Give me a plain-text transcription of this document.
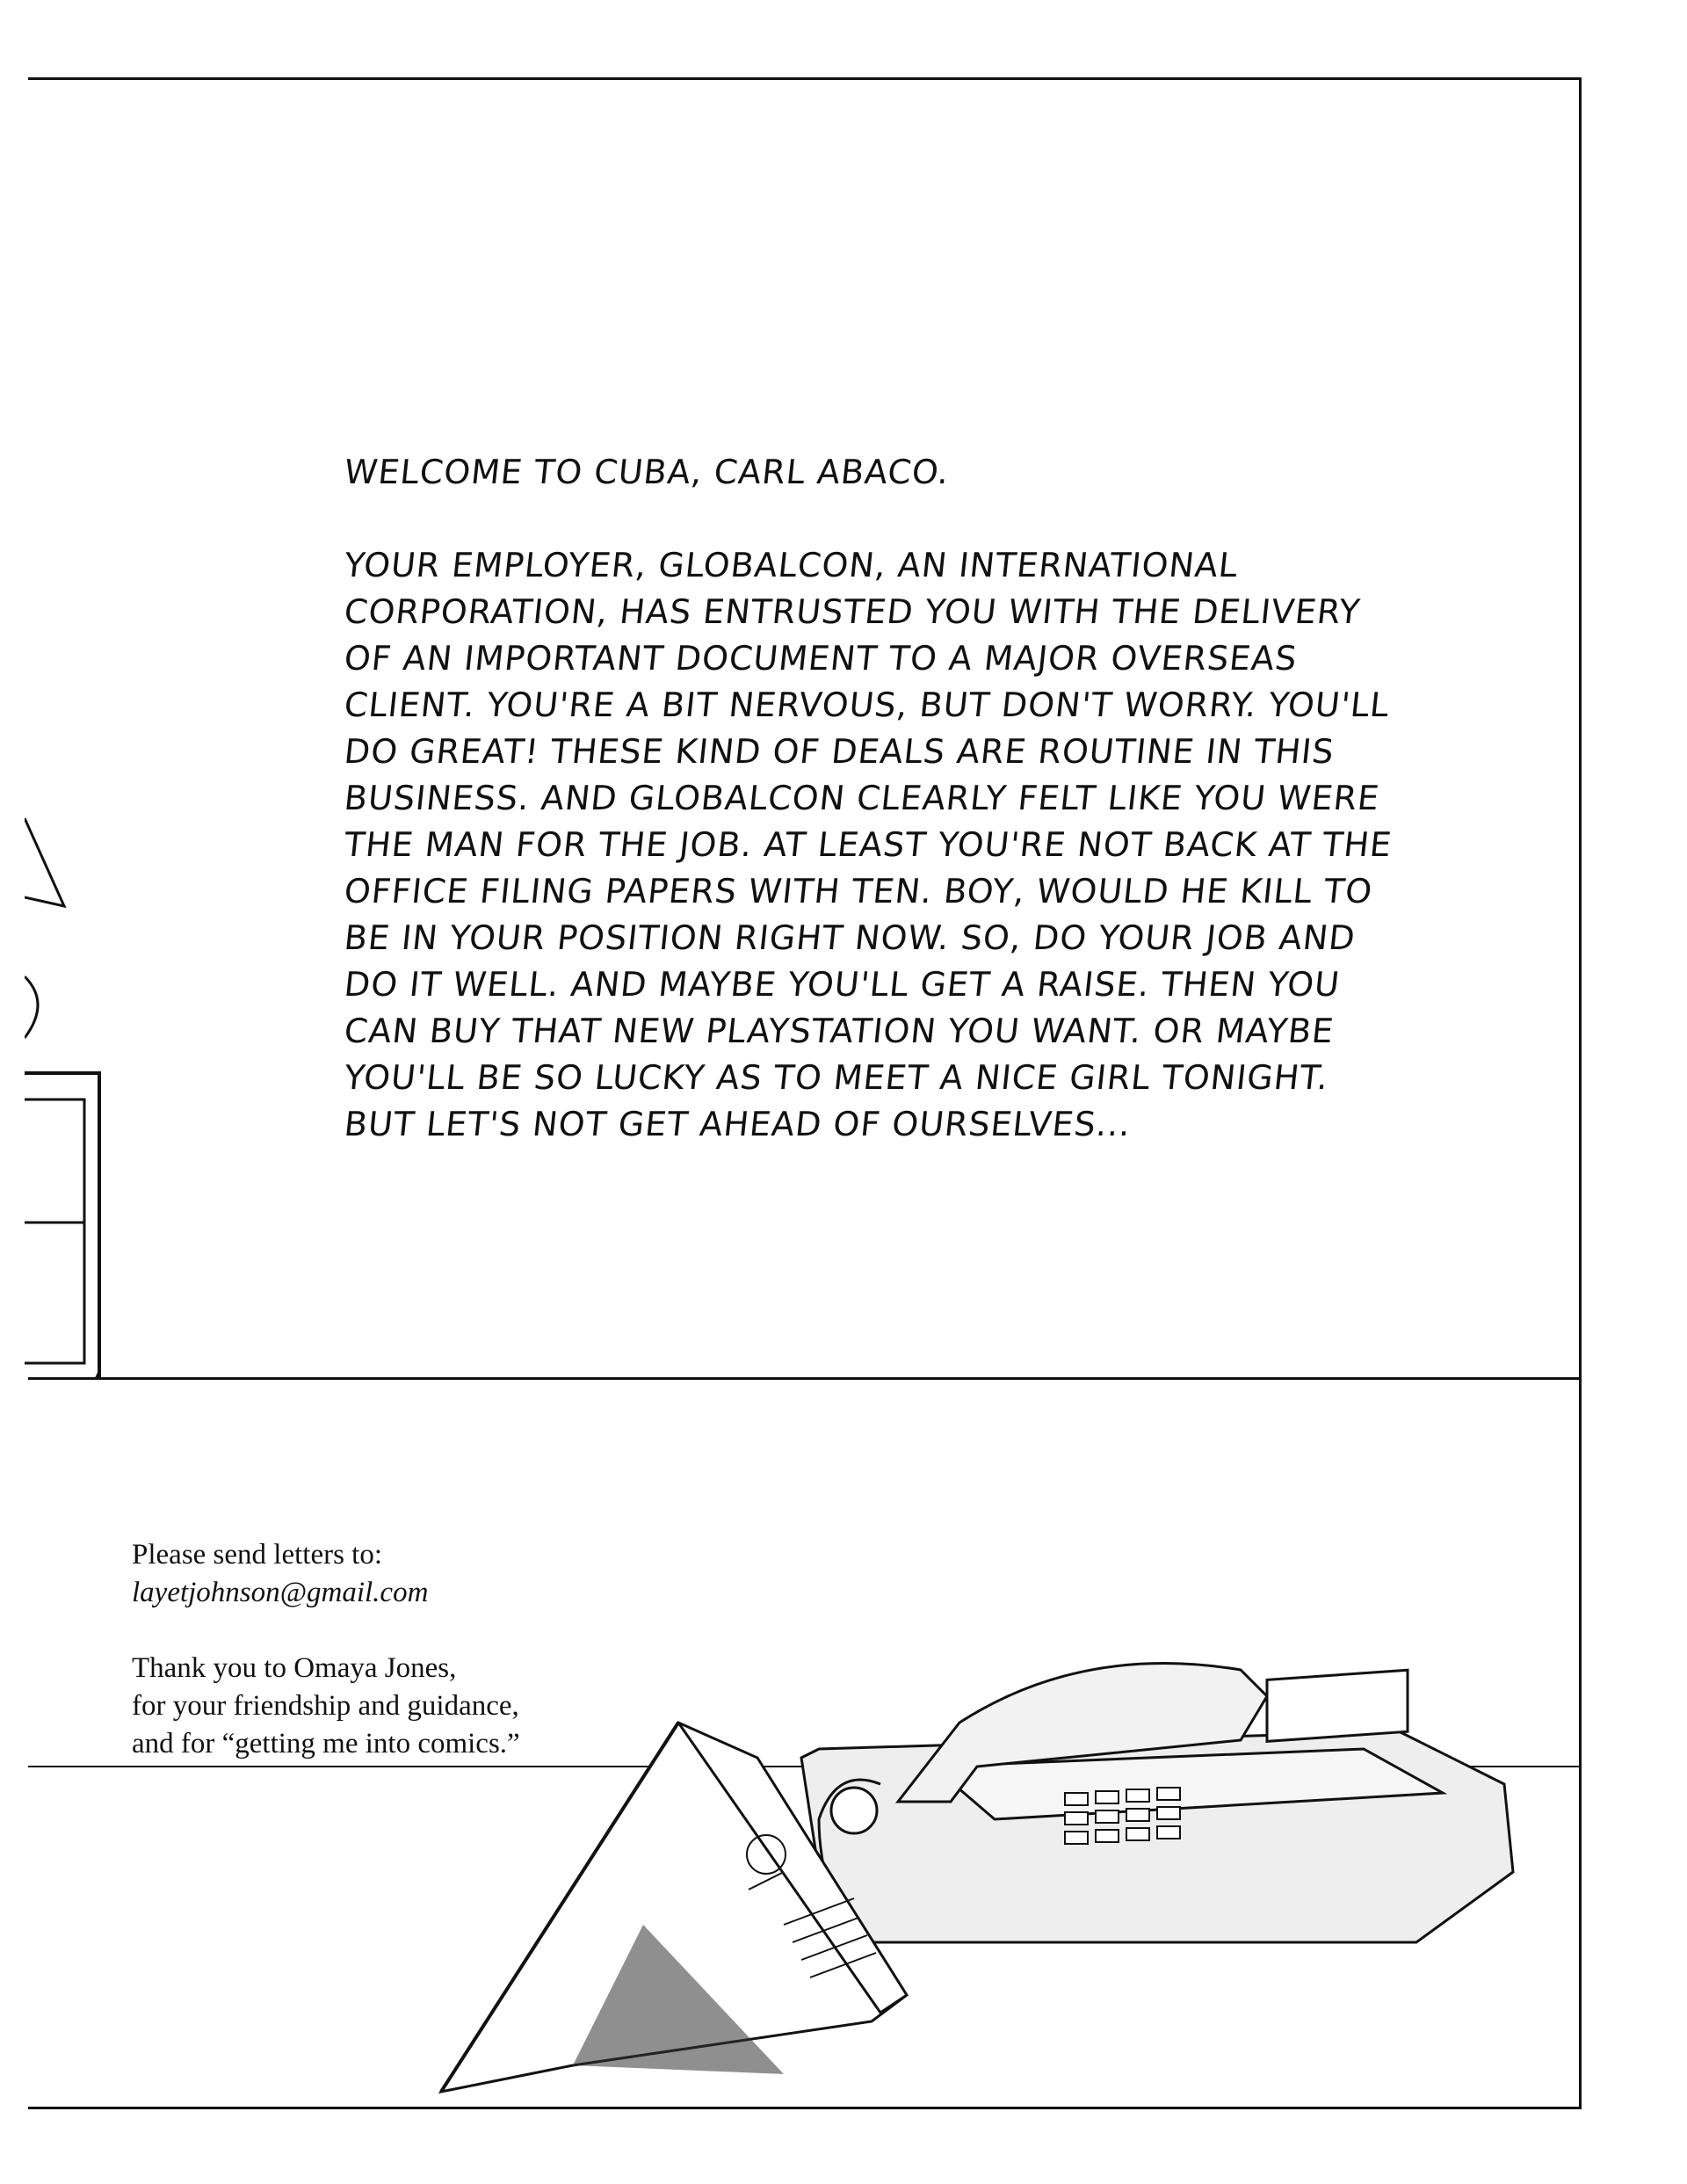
WELCOME TO CUBA, CARL ABACO.
YOUR EMPLOYER, GLOBALCON, AN INTERNATIONAL
CORPORATION, HAS ENTRUSTED YOU WITH THE DELIVERY
OF AN IMPORTANT DOCUMENT TO A MAJOR OVERSEAS
CLIENT. YOU'RE A BIT NERVOUS, BUT DON'T WORRY. YOU'LL
DO GREAT! THESE KIND OF DEALS ARE ROUTINE IN THIS
BUSINESS. AND GLOBALCON CLEARLY FELT LIKE YOU WERE
THE MAN FOR THE JOB. AT LEAST YOU'RE NOT BACK AT THE
OFFICE FILING PAPERS WITH TEN. BOY, WOULD HE KILL TO
BE IN YOUR POSITION RIGHT NOW. SO, DO YOUR JOB AND
DO IT WELL. AND MAYBE YOU'LL GET A RAISE. THEN YOU
CAN BUY THAT NEW PLAYSTATION YOU WANT. OR MAYBE
YOU'LL BE SO LUCKY AS TO MEET A NICE GIRL TONIGHT.
BUT LET'S NOT GET AHEAD OF OURSELVES...
Please send letters to:
layetjohnson@gmail.com
Thank you to Omaya Jones,
for your friendship and guidance,
and for “getting me into comics.”
